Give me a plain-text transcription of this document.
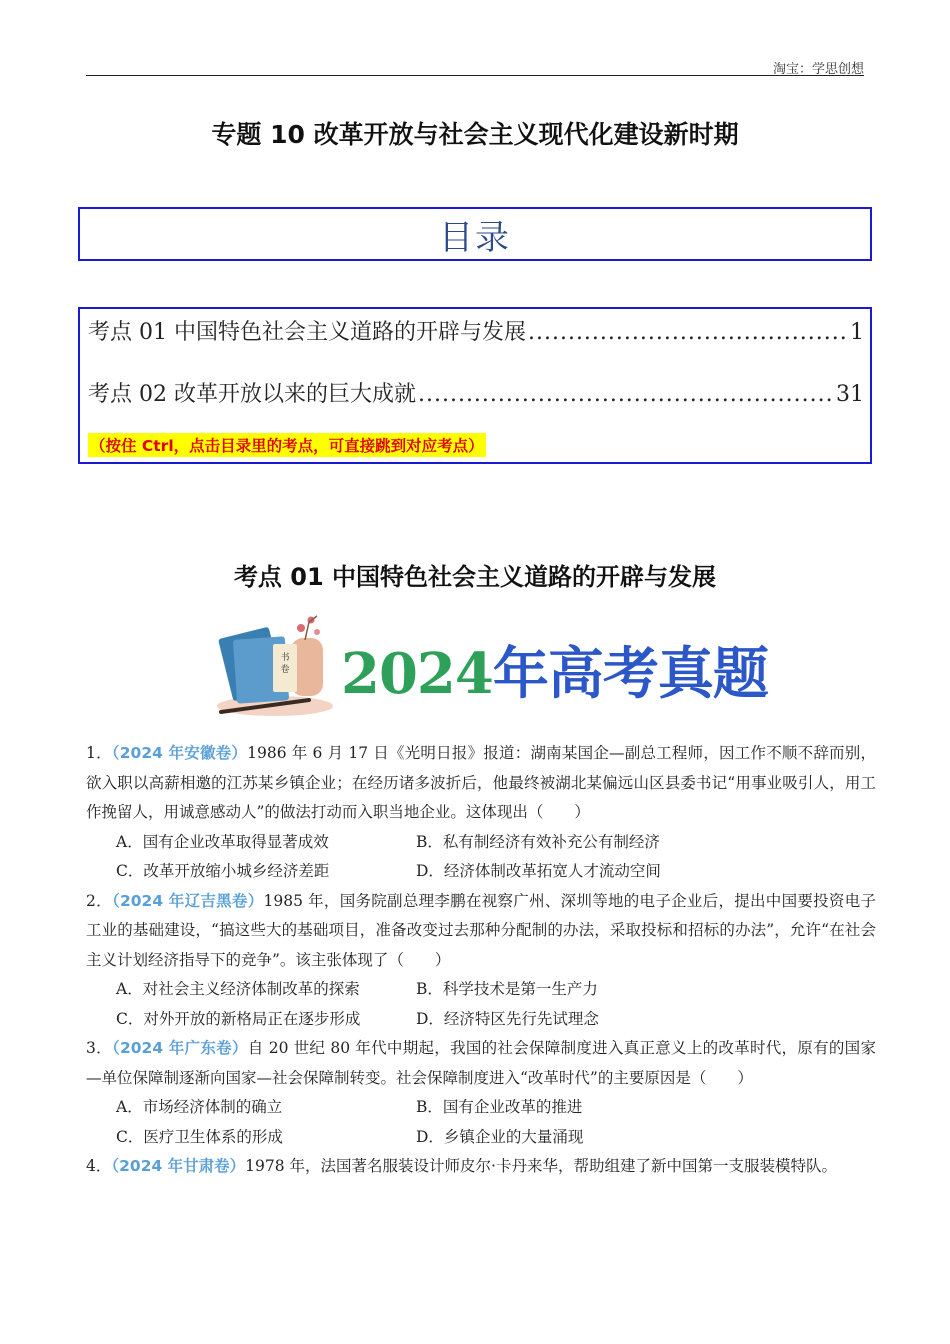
淘宝：学思创想
专题 10 改革开放与社会主义现代化建设新时期
目录
考点 01 中国特色社会主义道路的开辟与发展 .....	1
考点 02 改革开放以来的巨大成就 .....	31
（按住 Ctrl，点击目录里的考点，可直接跳到对应考点）
考点 01 中国特色社会主义道路的开辟与发展
书
卷 2024年高考真题

1．（2024 年安徽卷）1986 年 6 月 17 日《光明日报》报道：湖南某国企—副总工程师，因工作不顺不辞而别，欲入职以高薪相邀的江苏某乡镇企业；在经历诸多波折后，他最终被湖北某偏远山区县委书记“用事业吸引人，用工作挽留人，用诚意感动人”的做法打动而入职当地企业。这体现出（　　）

A．国有企业改革取得显著成效	B．私有制经济有效补充公有制经济
C．改革开放缩小城乡经济差距	D．经济体制改革拓宽人才流动空间

2．（2024 年辽吉黑卷）1985 年，国务院副总理李鹏在视察广州、深圳等地的电子企业后，提出中国要投资电子工业的基础建设，“搞这些大的基础项目，准备改变过去那种分配制的办法，采取投标和招标的办法”，允许“在社会主义计划经济指导下的竞争”。该主张体现了（　　）

A．对社会主义经济体制改革的探索	B．科学技术是第一生产力
C．对外开放的新格局正在逐步形成	D．经济特区先行先试理念

3．（2024 年广东卷）自 20 世纪 80 年代中期起，我国的社会保障制度进入真正意义上的改革时代，原有的国家—单位保障制逐渐向国家—社会保障制转变。社会保障制度进入“改革时代”的主要原因是（　　）

A．市场经济体制的确立	B．国有企业改革的推进
C．医疗卫生体系的形成	D．乡镇企业的大量涌现

4．（2024 年甘肃卷）1978 年，法国著名服装设计师皮尔·卡丹来华，帮助组建了新中国第一支服装模特队。
